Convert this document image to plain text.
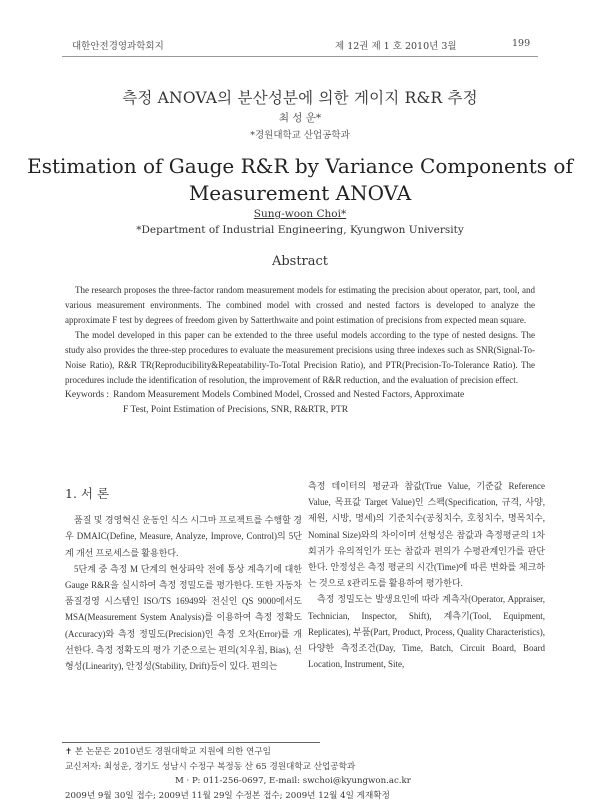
대한안전경영과학회지	제 12권 제 1 호 2010년 3월	199
측정 ANOVA의 분산성분에 의한 게이지 R&R 추정
최 성 운*
*경원대학교 산업공학과
Estimation of Gauge R&R by Variance Components of
Measurement ANOVA
Sung-woon Choi*
*Department of Industrial Engineering, Kyungwon University
Abstract

The research proposes the three-factor random measurement models for estimating the precision about operator, part, tool, and various measurement environments. The combined model with crossed and nested factors is developed to analyze the approximate F test by degrees of freedom given by Satterthwaite and point estimation of precisions from expected mean square.

The model developed in this paper can be extended to the three useful models according to the type of nested designs. The study also provides the three-step procedures to evaluate the measurement precisions using three indexes such as SNR(Signal-To-Noise Ratio), R&R TR(Reproducibility&Repeatability-To-Total Precision Ratio), and PTR(Precision-To-Tolerance Ratio). The procedures include the identification of resolution, the improvement of R&R reduction, and the evaluation of precision effect.

Keywords : Random Measurement Models Combined Model, Crossed and Nested Factors, Approximate
F Test, Point Estimation of Precisions, SNR, R&RTR, PTR
1. 서 론

품질 및 경영혁신 운동인 식스 시그마 프로젝트를 수행할 경우 DMAIC(Define, Measure, Analyze, Improve, Control)의 5단계 개선 프로세스를 활용한다.

5단계 중 측정 M 단계의 현상파악 전에 통상 계측기에 대한 Gauge R&R을 실시하여 측정 정밀도를 평가한다. 또한 자동차 품질경영 시스템인 ISO/TS 16949와 전신인 QS 9000에서도 MSA(Measurement System Analysis)를 이용하여 측정 정확도(Accuracy)와 측정 정밀도(Precision)인 측정 오차(Error)를 개선한다. 측정 정확도의 평가 기준으로는 편의(치우침, Bias), 선형성(Linearity), 안정성(Stability, Drift)등이 있다. 편의는

측정 데이터의 평균과 참값(True Value, 기준값 Reference Value, 목표값 Target Value)인 스펙(Specification, 규격, 사양, 제원, 시방, 명세)의 기준치수(공칭치수, 호칭치수, 명목치수, Nominal Size)와의 차이이며 선형성은 참값과 측정평균의 1차 회귀가 유의적인가 또는 참값과 편의가 수평관계인가를 판단한다. 안정성은 측정 평균의 시간(Time)에 따른 변화를 체크하는 것으로 x̄관리도를 활용하여 평가한다.

측정 정밀도는 발생요인에 따라 계측자(Operator, Appraiser, Technician, Inspector, Shift), 계측기(Tool, Equipment, Replicates), 부품(Part, Product, Process, Quality Characteristics), 다양한 측정조건(Day, Time, Batch, Circuit Board, Board Location, Instrument, Site,

✝ 본 논문은 2010년도 경원대학교 지원에 의한 연구임
교신저자: 최성운, 경기도 성남시 수정구 복정동 산 65 경원대학교 산업공학과
M · P: 011-256-0697, E-mail: swchoi@kyungwon.ac.kr
2009년 9월 30일 접수; 2009년 11월 29일 수정본 접수; 2009년 12월 4일 게재확정
